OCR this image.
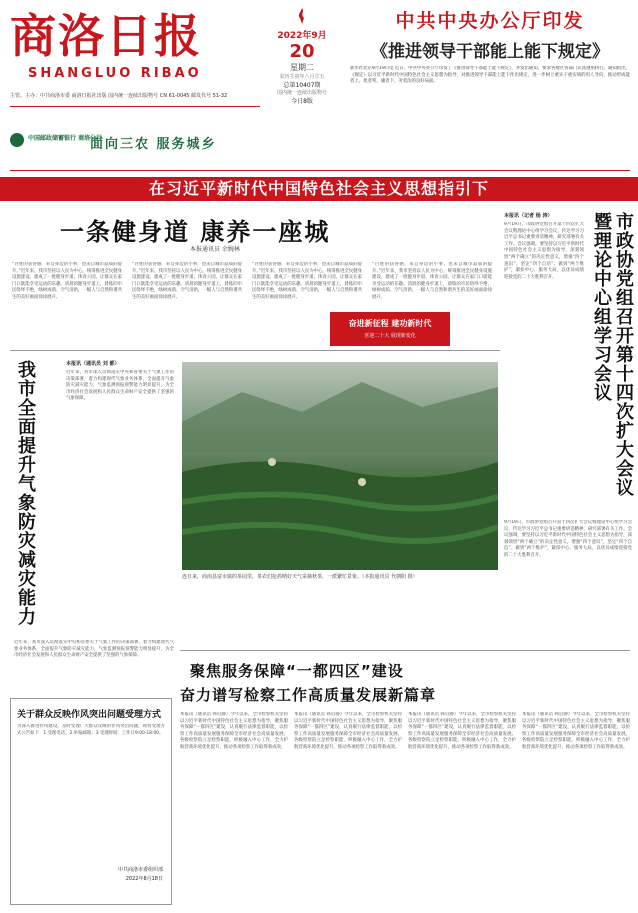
商洛日报
SHANGLUO RIBAO
2022年9月
20
星期二
农历壬寅年八月廿五
总第10407期
国内统一连续出版物号
今日8版
中共中央办公厅印发
《推进领导干部能上能下规定》
新华社北京9月19日电 近日，中共中央办公厅印发了《推进领导干部能上能下规定》，并发出通知，要求各地区各部门认真遵照执行。通知指出，《规定》以习近平新时代中国特色社会主义思想为指导，对推进领导干部能上能下作出规定，进一步树立重实干重实绩的用人导向，推动形成能者上、优者奖、庸者下、劣者汰的良好局面。
主管、主办：中共商洛市委 商洛日报社出版 国内统一连续出版物号 CN 61-0045 邮发代号 51-32
中国邮政储蓄银行 商洛分行
面向三农 服务城乡
在习近平新时代中国特色社会主义思想指引下
一条健身道 康养一座城
本报通讯员 余婉林
“百姓的获得感，来自身边的小事，也来自城市品质的提升。”近年来，我市坚持以人民为中心，统筹推进全民健身设施建设，建成了一批健身步道、体育公园，让群众在家门口就能享受运动的乐趣。清晨的健身步道上，晨练的市民络绎不绝，绿树成荫、空气清新，一幅人与自然和谐共生的美好画面徐徐展开。
“百姓的获得感，来自身边的小事，也来自城市品质的提升。”近年来，我市坚持以人民为中心，统筹推进全民健身设施建设，建成了一批健身步道、体育公园，让群众在家门口就能享受运动的乐趣。清晨的健身步道上，晨练的市民络绎不绝，绿树成荫、空气清新，一幅人与自然和谐共生的美好画面徐徐展开。
“百姓的获得感，来自身边的小事，也来自城市品质的提升。”近年来，我市坚持以人民为中心，统筹推进全民健身设施建设，建成了一批健身步道、体育公园，让群众在家门口就能享受运动的乐趣。清晨的健身步道上，晨练的市民络绎不绝，绿树成荫、空气清新，一幅人与自然和谐共生的美好画面徐徐展开。
“百姓的获得感，来自身边的小事，也来自城市品质的提升。”近年来，我市坚持以人民为中心，统筹推进全民健身设施建设，建成了一批健身步道、体育公园，让群众在家门口就能享受运动的乐趣。清晨的健身步道上，晨练的市民络绎不绝，绿树成荫、空气清新，一幅人与自然和谐共生的美好画面徐徐展开。
奋进新征程 建功新时代
喜迎二十大 展现新变化	市政协党组召开第十四次扩大会议暨理论中心组学习会议
本报讯（记者 杨 涛）
9月19日，市政协党组召开第十四次扩大会议暨理论中心组学习会议，传达学习习近平总书记重要讲话精神，研究部署有关工作。会议强调，要坚持以习近平新时代中国特色社会主义思想为指导，深刻领悟“两个确立”的决定性意义，增强“四个意识”、坚定“四个自信”、做到“两个维护”，紧扣中心、服务大局，以优异成绩迎接党的二十大胜利召开。
9月19日，市政协党组召开第十四次扩大会议暨理论中心组学习会议，传达学习习近平总书记重要讲话精神，研究部署有关工作。会议强调，要坚持以习近平新时代中国特色社会主义思想为指导，深刻领悟“两个确立”的决定性意义，增强“四个意识”、坚定“四个自信”、做到“两个维护”，紧扣中心、服务大局，以优异成绩迎接党的二十大胜利召开。
我市全面提升气象防灾减灾能力	本报讯（通讯员 刘 都）
近年来，我市深入贯彻落实中央和省委关于气象工作的决策部署，着力构建现代气象业务体系，全面提升气象防灾减灾能力，气象监测预报预警能力明显提升，为全市经济社会发展和人民群众生命财产安全提供了坚强的气象保障。
近年来，我市深入贯彻落实中央和省委关于气象工作的决策部署，着力构建现代气象业务体系，全面提升气象防灾减灾能力，气象监测预报预警能力明显提升，为全市经济社会发展和人民群众生命财产安全提供了坚强的气象保障。
连日来，商南县富水镇的茶园里，茶农们抢抓晴好天气采摘秋茶，一派繁忙景象。（本报通讯员 代朝阳 摄）
聚焦服务保障“一都四区”建设
奋力谱写检察工作高质量发展新篇章
本报讯（通讯员 韩启静）今年以来，全市检察机关坚持以习近平新时代中国特色社会主义思想为指导，聚焦服务保障“一都四区”建设，认真履行法律监督职能，以检察工作高质量发展服务保障全市经济社会高质量发展。各级检察院立足检察职能，积极融入中心工作，全力护航营商环境优化提升，推动各项检察工作取得新成效。
本报讯（通讯员 韩启静）今年以来，全市检察机关坚持以习近平新时代中国特色社会主义思想为指导，聚焦服务保障“一都四区”建设，认真履行法律监督职能，以检察工作高质量发展服务保障全市经济社会高质量发展。各级检察院立足检察职能，积极融入中心工作，全力护航营商环境优化提升，推动各项检察工作取得新成效。
本报讯（通讯员 韩启静）今年以来，全市检察机关坚持以习近平新时代中国特色社会主义思想为指导，聚焦服务保障“一都四区”建设，认真履行法律监督职能，以检察工作高质量发展服务保障全市经济社会高质量发展。各级检察院立足检察职能，积极融入中心工作，全力护航营商环境优化提升，推动各项检察工作取得新成效。
本报讯（通讯员 韩启静）今年以来，全市检察机关坚持以习近平新时代中国特色社会主义思想为指导，聚焦服务保障“一都四区”建设，认真履行法律监督职能，以检察工作高质量发展服务保障全市经济社会高质量发展。各级检察院立足检察职能，积极融入中心工作，全力护航营商环境优化提升，推动各项检察工作取得新成效。
关于群众反映作风突出问题受理方式
为深入推进作风建设，及时受理广大群众反映的作风突出问题，现将受理方式公告如下：1.受理电话；2.举报邮箱；3.受理时间：工作日9:00-18:00。
中共商洛市委组织部
2022年8月18日
